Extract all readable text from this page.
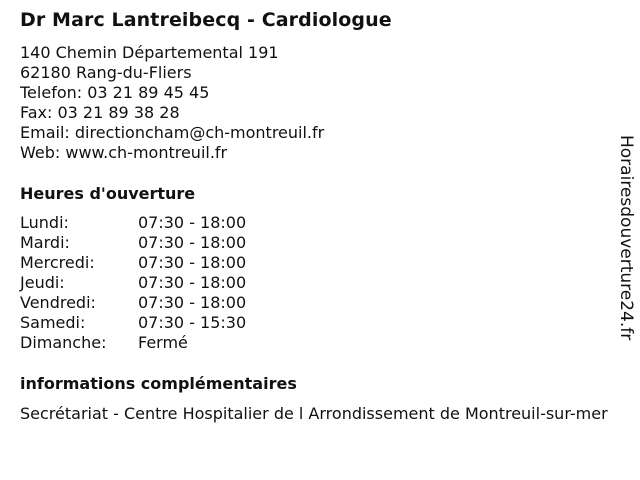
Dr Marc Lantreibecq - Cardiologue
140 Chemin Départemental 191
62180 Rang-du-Fliers
Telefon: 03 21 89 45 45
Fax: 03 21 89 38 28
Email: directioncham@ch-montreuil.fr
Web: www.ch-montreuil.fr
Heures d'ouverture
Lundi:	07:30 - 18:00
Mardi:	07:30 - 18:00
Mercredi:	07:30 - 18:00
Jeudi:	07:30 - 18:00
Vendredi:	07:30 - 18:00
Samedi:	07:30 - 15:30
Dimanche:	Fermé
informations complémentaires
Secrétariat - Centre Hospitalier de l Arrondissement de Montreuil-sur-mer
Horairesdouverture24.fr
